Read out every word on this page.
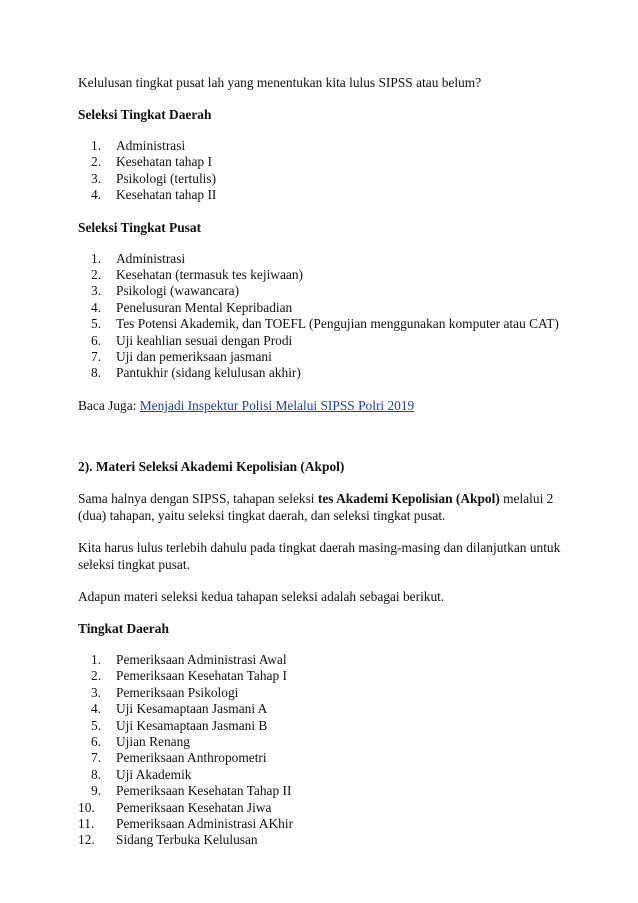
Kelulusan tingkat pusat lah yang menentukan kita lulus SIPSS atau belum?

Seleksi Tingkat Daerah
1. Administrasi
2. Kesehatan tahap I
3. Psikologi (tertulis)
4. Kesehatan tahap II
Seleksi Tingkat Pusat
1. Administrasi
2. Kesehatan (termasuk tes kejiwaan)
3. Psikologi (wawancara)
4. Penelusuran Mental Kepribadian
5. Tes Potensi Akademik, dan TOEFL (Pengujian menggunakan komputer atau CAT)
6. Uji keahlian sesuai dengan Prodi
7. Uji dan pemeriksaan jasmani
8. Pantukhir (sidang kelulusan akhir)

Baca Juga: Menjadi Inspektur Polisi Melalui SIPSS Polri 2019

2). Materi Seleksi Akademi Kepolisian (Akpol)

Sama halnya dengan SIPSS, tahapan seleksi tes Akademi Kepolisian (Akpol) melalui 2 (dua) tahapan, yaitu seleksi tingkat daerah, dan seleksi tingkat pusat.

Kita harus lulus terlebih dahulu pada tingkat daerah masing-masing dan dilanjutkan untuk seleksi tingkat pusat.

Adapun materi seleksi kedua tahapan seleksi adalah sebagai berikut.

Tingkat Daerah
1. Pemeriksaan Administrasi Awal
2. Pemeriksaan Kesehatan Tahap I
3. Pemeriksaan Psikologi
4. Uji Kesamaptaan Jasmani A
5. Uji Kesamaptaan Jasmani B
6. Ujian Renang
7. Pemeriksaan Anthropometri
8. Uji Akademik
9. Pemeriksaan Kesehatan Tahap II
10. Pemeriksaan Kesehatan Jiwa
11. Pemeriksaan Administrasi AKhir
12. Sidang Terbuka Kelulusan
